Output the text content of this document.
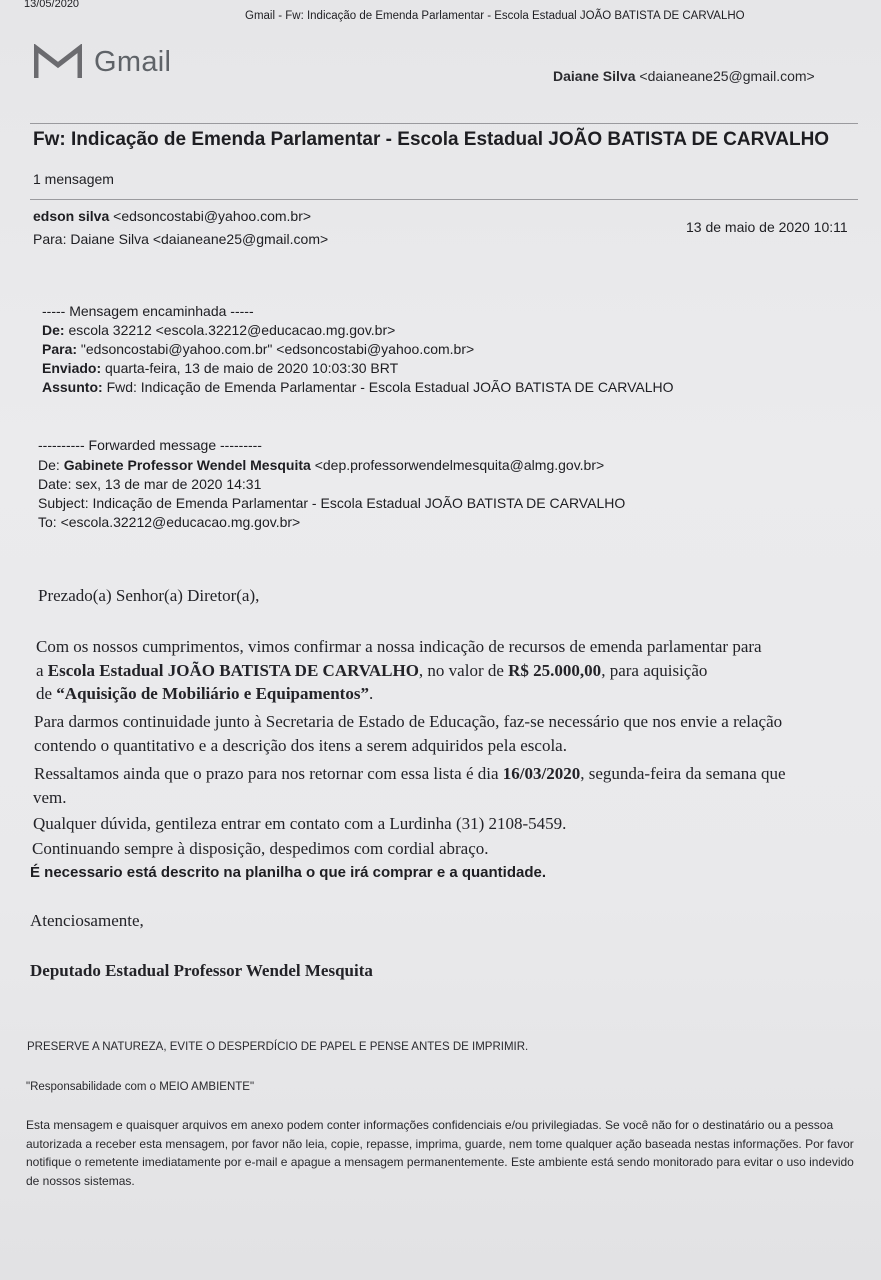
13/05/2020
Gmail - Fw: Indicação de Emenda Parlamentar - Escola Estadual JOÃO BATISTA DE CARVALHO
Gmail	Daiane Silva <daianeane25@gmail.com>
Fw: Indicação de Emenda Parlamentar - Escola Estadual JOÃO BATISTA DE CARVALHO
1 mensagem
edson silva <edsoncostabi@yahoo.com.br>
Para: Daiane Silva <daianeane25@gmail.com>
13 de maio de 2020 10:11
----- Mensagem encaminhada -----
De: escola 32212 <escola.32212@educacao.mg.gov.br>
Para: "edsoncostabi@yahoo.com.br" <edsoncostabi@yahoo.com.br>
Enviado: quarta-feira, 13 de maio de 2020 10:03:30 BRT
Assunto: Fwd: Indicação de Emenda Parlamentar - Escola Estadual JOÃO BATISTA DE CARVALHO
---------- Forwarded message ---------
De: Gabinete Professor Wendel Mesquita <dep.professorwendelmesquita@almg.gov.br>
Date: sex, 13 de mar de 2020 14:31
Subject: Indicação de Emenda Parlamentar - Escola Estadual JOÃO BATISTA DE CARVALHO
To: <escola.32212@educacao.mg.gov.br>
Prezado(a) Senhor(a) Diretor(a),
Com os nossos cumprimentos, vimos confirmar a nossa indicação de recursos de emenda parlamentar para
a Escola Estadual JOÃO BATISTA DE CARVALHO, no valor de R$ 25.000,00, para aquisição
de “Aquisição de Mobiliário e Equipamentos”.
Para darmos continuidade junto à Secretaria de Estado de Educação, faz-se necessário que nos envie a relação
contendo o quantitativo e a descrição dos itens a serem adquiridos pela escola.
Ressaltamos ainda que o prazo para nos retornar com essa lista é dia 16/03/2020, segunda-feira da semana que
vem.
Qualquer dúvida, gentileza entrar em contato com a Lurdinha (31) 2108-5459.
Continuando sempre à disposição, despedimos com cordial abraço.
É necessario está descrito na planilha o que irá comprar e a quantidade.
Atenciosamente,
Deputado Estadual Professor Wendel Mesquita
PRESERVE A NATUREZA, EVITE O DESPERDÍCIO DE PAPEL E PENSE ANTES DE IMPRIMIR.
"Responsabilidade com o MEIO AMBIENTE"
Esta mensagem e quaisquer arquivos em anexo podem conter informações confidenciais e/ou privilegiadas. Se você não for o destinatário ou a pessoa autorizada a receber esta mensagem, por favor não leia, copie, repasse, imprima, guarde, nem tome qualquer ação baseada nestas informações. Por favor notifique o remetente imediatamente por e-mail e apague a mensagem permanentemente. Este ambiente está sendo monitorado para evitar o uso indevido de nossos sistemas.
